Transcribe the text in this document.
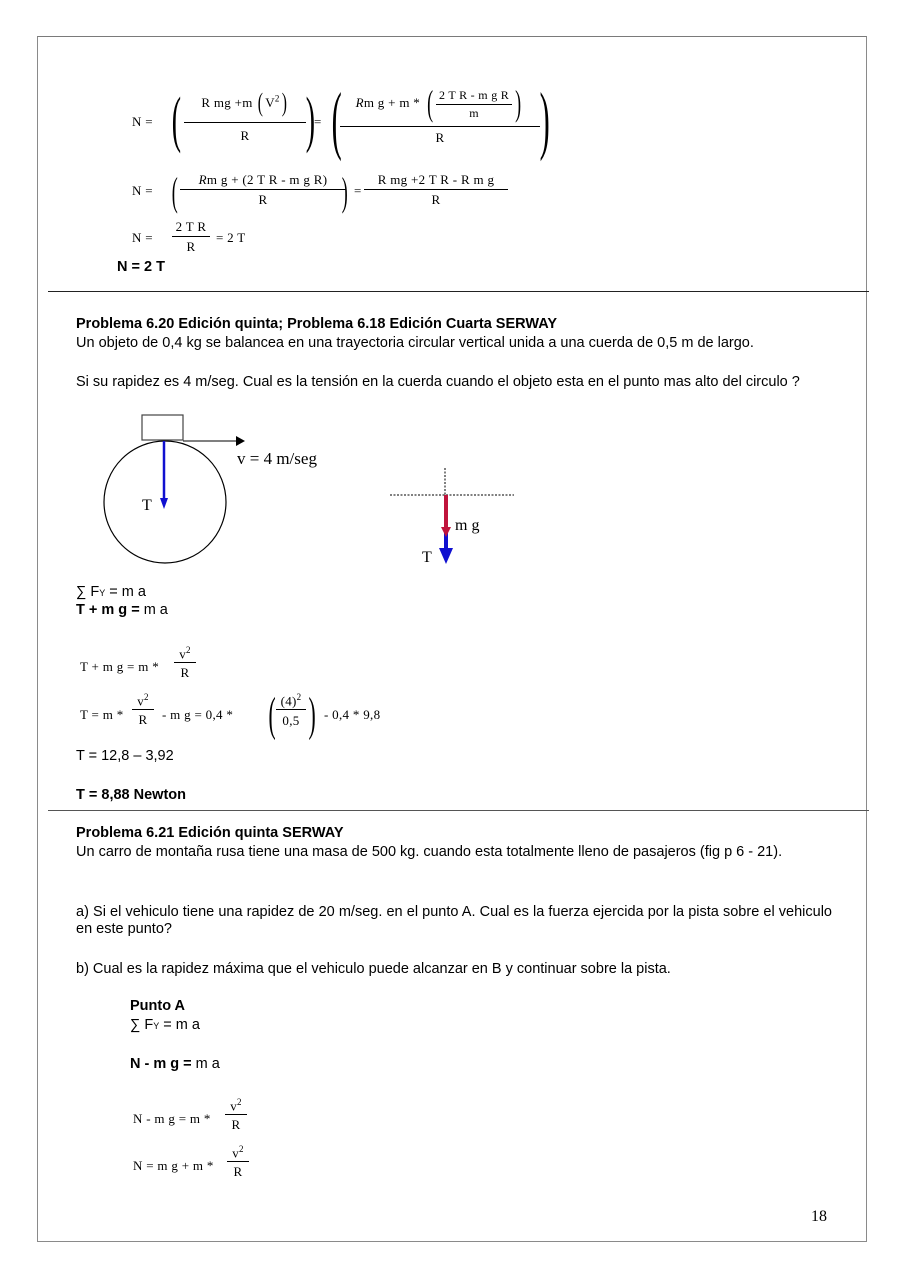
N = (	R mg +m ( $V^2$)
R )
= (	Rm g + m * ( $\frac{\text{2 T R - m g R}}{m}$ )
R	)
N = (	Rm g + (2 T R - m g R)
R	) =
R mg +2 T R - R m g
R
N =
2 T R
R
= 2 T
N = 2 T
Problema 6.20 Edición quinta; Problema 6.18 Edición Cuarta SERWAY
Un objeto de 0,4 kg se balancea en una trayectoria circular vertical unida a una cuerda de 0,5 m de largo.
Si su rapidez es 4 m/seg. Cual es la tensión en la cuerda cuando el objeto esta en el punto mas alto del circulo ?
v = 4 m/seg
T
m g
T
∑ FY = m a
T + m g = m a
T + m g = m *
$v^2$
R
T = m *
$v^2$
R	- m g = 0,4 * ( $(4)^2$
0,5 ) - 0,4 * 9,8
T = 12,8 – 3,92
T = 8,88 Newton
Problema 6.21 Edición quinta SERWAY
Un carro de montaña rusa tiene una masa de 500 kg. cuando esta totalmente lleno de pasajeros (fig p 6 - 21).
a) Si el vehiculo tiene una rapidez de 20 m/seg. en el punto A. Cual es la fuerza ejercida por la pista sobre el vehiculo en este punto?
b) Cual es la rapidez máxima que el vehiculo puede alcanzar en B y continuar sobre la pista.
Punto A
∑ FY = m a
N - m g = m a
N - m g = m *
$v^2$
R
N = m g + m *
$v^2$
R
18
